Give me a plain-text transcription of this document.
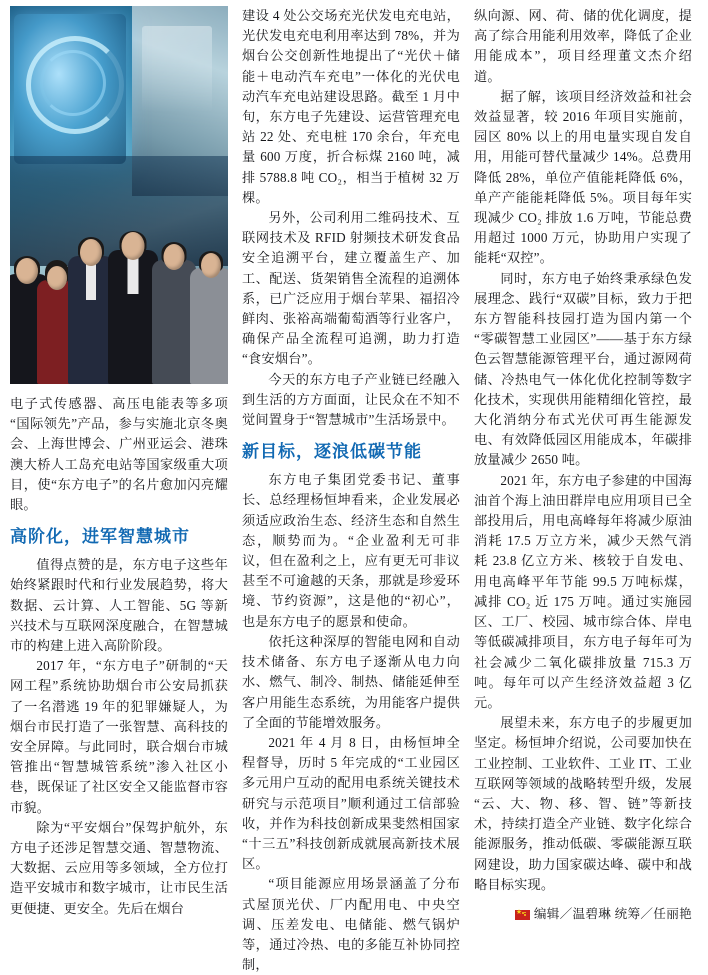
电子式传感器、高压电能表等多项“国际领先”产品，参与实施北京冬奥会、上海世博会、广州亚运会、港珠澳大桥人工岛充电站等国家级重大项目，使“东方电子”的名片愈加闪亮耀眼。

高阶化，进军智慧城市

值得点赞的是，东方电子这些年始终紧跟时代和行业发展趋势，将大数据、云计算、人工智能、5G 等新兴技术与互联网深度融合，在智慧城市的构建上进入高阶阶段。

2017 年，“东方电子”研制的“天网工程”系统协助烟台市公安局抓获了一名潜逃 19 年的犯罪嫌疑人，为烟台市民打造了一张智慧、高科技的安全屏障。与此同时，联合烟台市城管推出“智慧城管系统”渗入社区小巷，既保证了社区安全又能监督市容市貌。

除为“平安烟台”保驾护航外，东方电子还涉足智慧交通、智慧物流、大数据、云应用等多领域，全方位打造平安城市和数字城市，让市民生活更便捷、更安全。先后在烟台

建设 4 处公交场充光伏发电充电站，光伏发电充电利用率达到 78%，并为烟台公交创新性地提出了“光伏＋储能＋电动汽车充电”一体化的光伏电动汽车充电站建设思路。截至 1 月中旬，东方电子先建设、运营管理充电站 22 处、充电桩 170 余台，年充电量 600 万度，折合标煤 2160 吨，减排 5788.8 吨 CO₂，相当于植树 32 万棵。

另外，公司利用二维码技术、互联网技术及 RFID 射频技术研发食品安全追溯平台，建立覆盖生产、加工、配送、货架销售全流程的追溯体系，已广泛应用于烟台苹果、福招冷鲜肉、张裕高端葡萄酒等行业客户，确保产品全流程可追溯，助力打造“食安烟台”。

今天的东方电子产业链已经融入到生活的方方面面，让民众在不知不觉间置身于“智慧城市”生活场景中。

新目标，逐浪低碳节能

东方电子集团党委书记、董事长、总经理杨恒坤看来，企业发展必须适应政治生态、经济生态和自然生态，顺势而为。“企业盈利无可非议，但在盈利之上，应有更无可非议甚至不可逾越的天条，那就是珍爱环境、节约资源”，这是他的“初心”，也是东方电子的愿景和使命。

依托这种深厚的智能电网和自动技术储备、东方电子逐渐从电力向水、燃气、制冷、制热、储能延伸至客户用能生态系统，为用能客户提供了全面的节能增效服务。

2021 年 4 月 8 日，由杨恒坤全程督导，历时 5 年完成的“工业园区多元用户互动的配用电系统关键技术研究与示范项目”顺利通过工信部验收，并作为科技创新成果斐然相国家“十三五”科技创新成就展高新技术展区。

“项目能源应用场景涵盖了分布式屋顶光伏、厂内配用电、中央空调、压差发电、电储能、燃气锅炉等，通过冷热、电的多能互补协同控制，

纵向源、网、荷、储的优化调度，提高了综合用能利用效率，降低了企业用能成本”，项目经理董文杰介绍道。

据了解，该项目经济效益和社会效益显著，较 2016 年项目实施前，园区 80% 以上的用电量实现自发自用，用能可替代量减少 14%。总费用降低 28%，单位产值能耗降低 6%，单产产能能耗降低 5%。项目每年实现减少 CO₂ 排放 1.6 万吨，节能总费用超过 1000 万元，协助用户实现了能耗“双控”。

同时，东方电子始终秉承绿色发展理念、践行“双碳”目标，致力于把东方智能科技园打造为国内第一个“零碳智慧工业园区”——基于东方绿色云智慧能源管理平台，通过源网荷储、冷热电气一体化优化控制等数字化技术，实现供用能精细化管控，最大化消纳分布式光伏可再生能源发电、有效降低园区用能成本，年碳排放量减少 2650 吨。

2021 年，东方电子参建的中国海油首个海上油田群岸电应用项目已全部投用后，用电高峰每年将减少原油消耗 17.5 万立方米，减少天然气消耗 23.8 亿立方米、核较于自发电、用电高峰平年节能 99.5 万吨标煤，减排 CO₂ 近 175 万吨。通过实施园区、工厂、校园、城市综合体、岸电等低碳减排项目，东方电子每年可为社会减少二氧化碳排放量 715.3 万吨。每年可以产生经济效益超 3 亿元。

展望未来，东方电子的步履更加坚定。杨恒坤介绍说，公司要加快在工业控制、工业软件、工业 IT、工业互联网等领域的战略转型升级，发展“云、大、物、移、智、链”等新技术，持续打造全产业链、数字化综合能源服务，推动低碳、零碳能源互联网建设，助力国家碳达峰、碳中和战略目标实现。

★编辑／温碧琳 统筹／任丽艳
